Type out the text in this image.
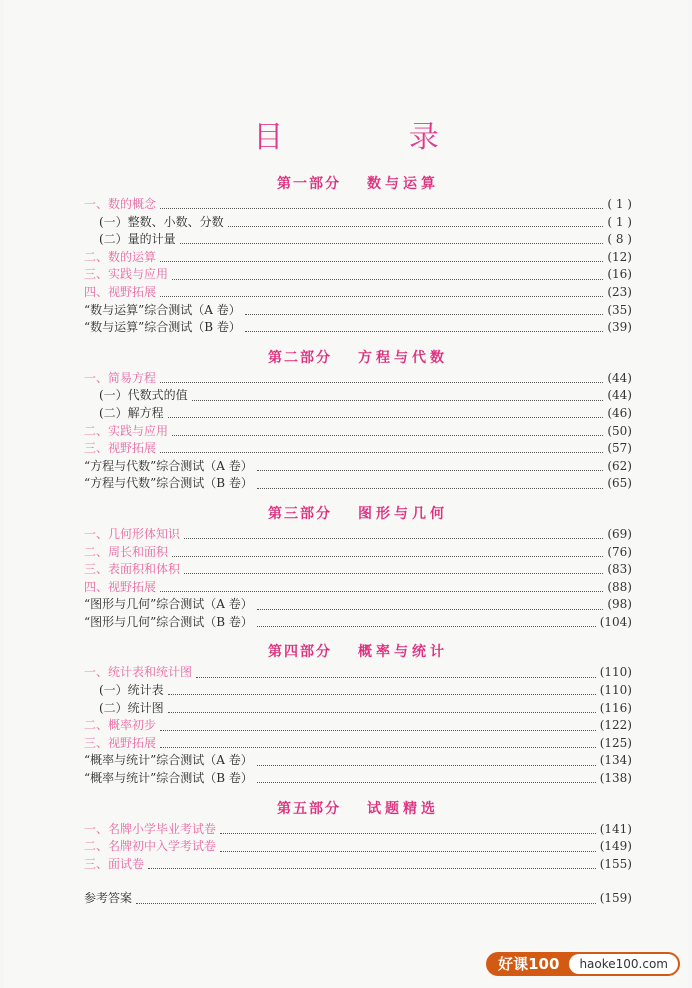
目 录
第一部分 数与运算
一、数的概念	( 1 )
(一）整数、小数、分数	( 1 )
(二）量的计量	( 8 )
二、数的运算	(12)
三、实践与应用	(16)
四、视野拓展	(23)
“数与运算”综合测试（A 卷）	(35)
“数与运算”综合测试（B 卷）	(39)
第二部分 方程与代数
一、简易方程	(44)
(一）代数式的值	(44)
(二）解方程	(46)
二、实践与应用	(50)
三、视野拓展	(57)
“方程与代数”综合测试（A 卷）	(62)
“方程与代数”综合测试（B 卷）	(65)
第三部分 图形与几何
一、几何形体知识	(69)
二、周长和面积	(76)
三、表面积和体积	(83)
四、视野拓展	(88)
“图形与几何”综合测试（A 卷）	(98)
“图形与几何”综合测试（B 卷）	(104)
第四部分 概率与统计
一、统计表和统计图	(110)
(一）统计表	(110)
(二）统计图	(116)
二、概率初步	(122)
三、视野拓展	(125)
“概率与统计”综合测试（A 卷）	(134)
“概率与统计”综合测试（B 卷）	(138)
第五部分 试题精选
一、名牌小学毕业考试卷	(141)
二、名牌初中入学考试卷	(149)
三、面试卷	(155)
参考答案	(159)
好课100	haoke100.com
